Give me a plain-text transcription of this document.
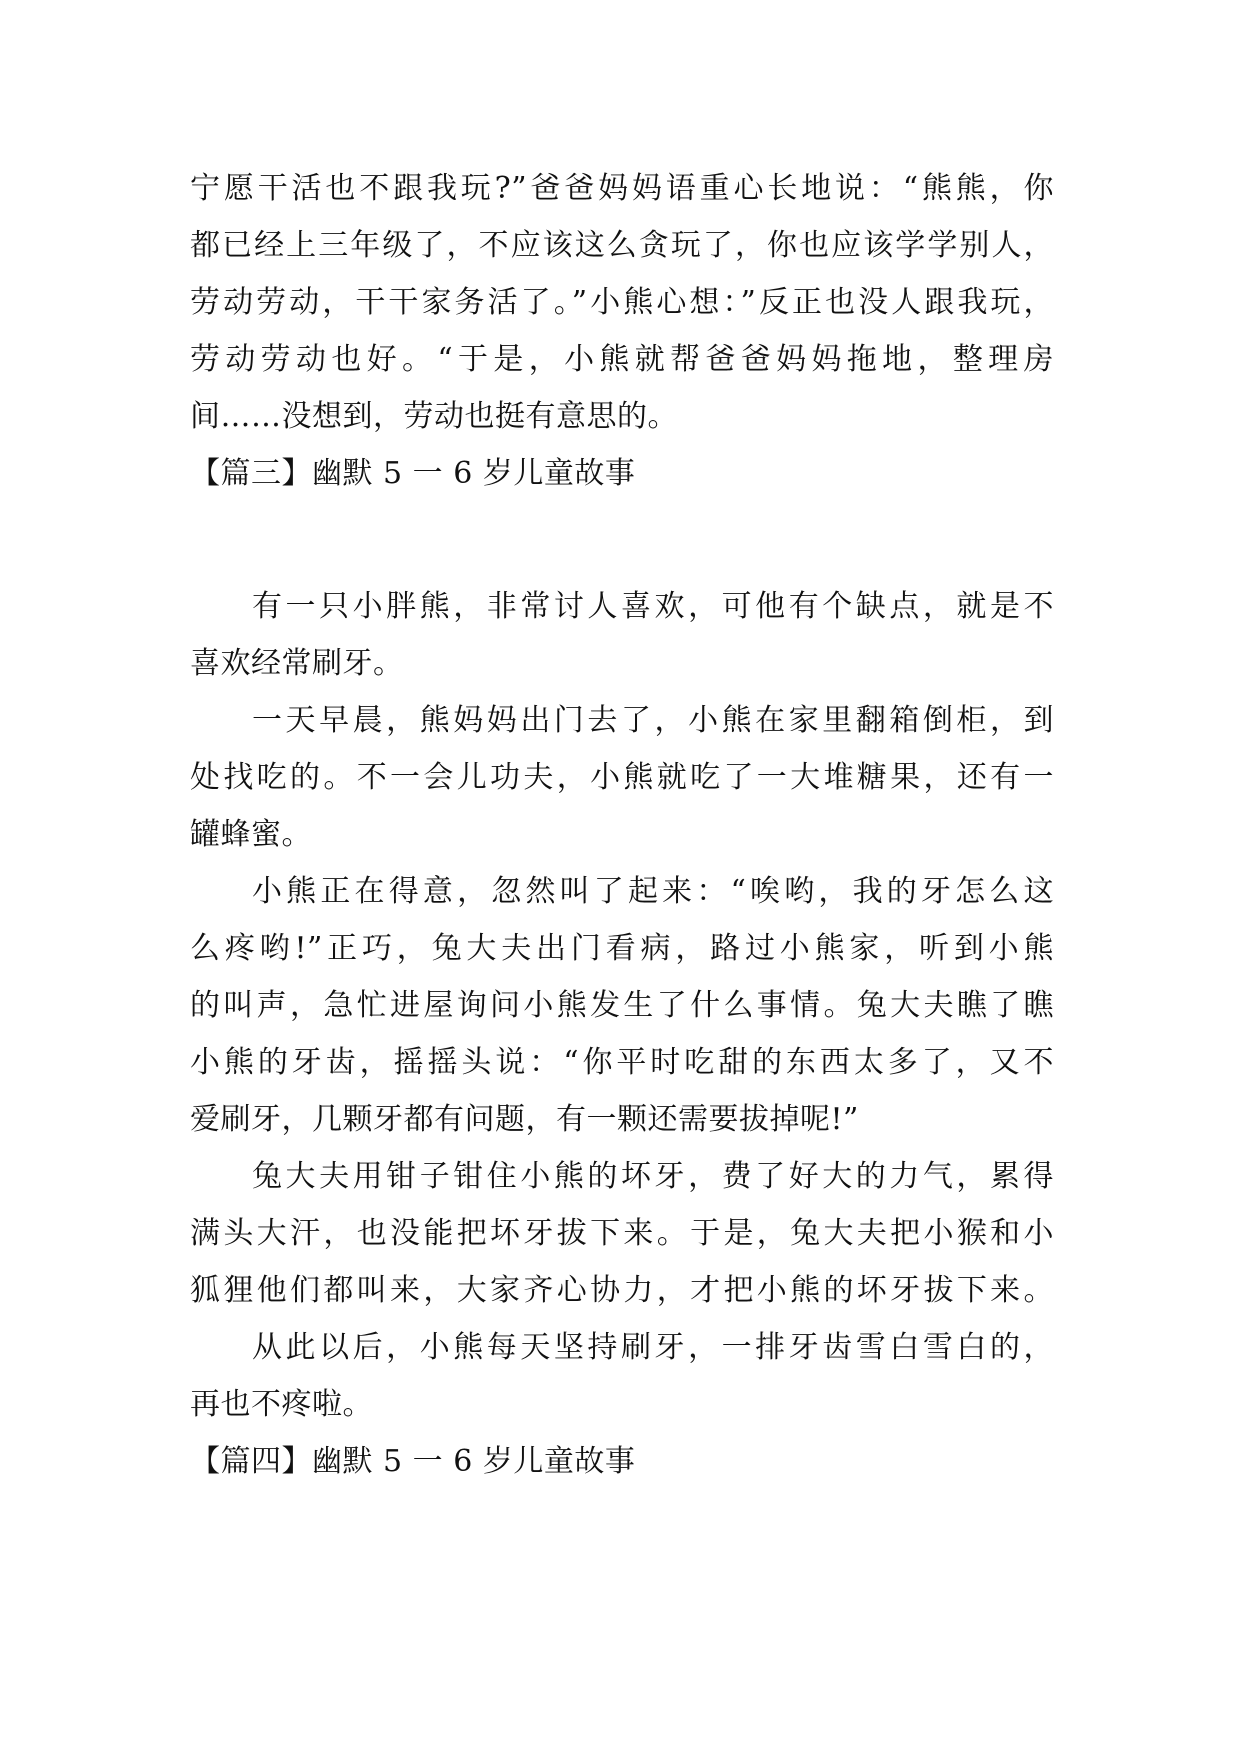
宁愿干活也不跟我玩?”爸爸妈妈语重心长地说：“熊熊，你
都已经上三年级了，不应该这么贪玩了，你也应该学学别人，
劳动劳动，干干家务活了。”小熊心想：”反正也没人跟我玩，
劳动劳动也好。“于是，小熊就帮爸爸妈妈拖地，整理房
间……没想到，劳动也挺有意思的。
【篇三】幽默 5 一 6 岁儿童故事
有一只小胖熊，非常讨人喜欢，可他有个缺点，就是不
喜欢经常刷牙。
一天早晨，熊妈妈出门去了，小熊在家里翻箱倒柜，到
处找吃的。不一会儿功夫，小熊就吃了一大堆糖果，还有一
罐蜂蜜。
小熊正在得意，忽然叫了起来：“唉哟，我的牙怎么这
么疼哟!”正巧，兔大夫出门看病，路过小熊家，听到小熊
的叫声，急忙进屋询问小熊发生了什么事情。兔大夫瞧了瞧
小熊的牙齿，摇摇头说：“你平时吃甜的东西太多了，又不
爱刷牙，几颗牙都有问题，有一颗还需要拔掉呢!”
兔大夫用钳子钳住小熊的坏牙，费了好大的力气，累得
满头大汗，也没能把坏牙拔下来。于是，兔大夫把小猴和小
狐狸他们都叫来，大家齐心协力，才把小熊的坏牙拔下来。
从此以后，小熊每天坚持刷牙，一排牙齿雪白雪白的，
再也不疼啦。
【篇四】幽默 5 一 6 岁儿童故事
